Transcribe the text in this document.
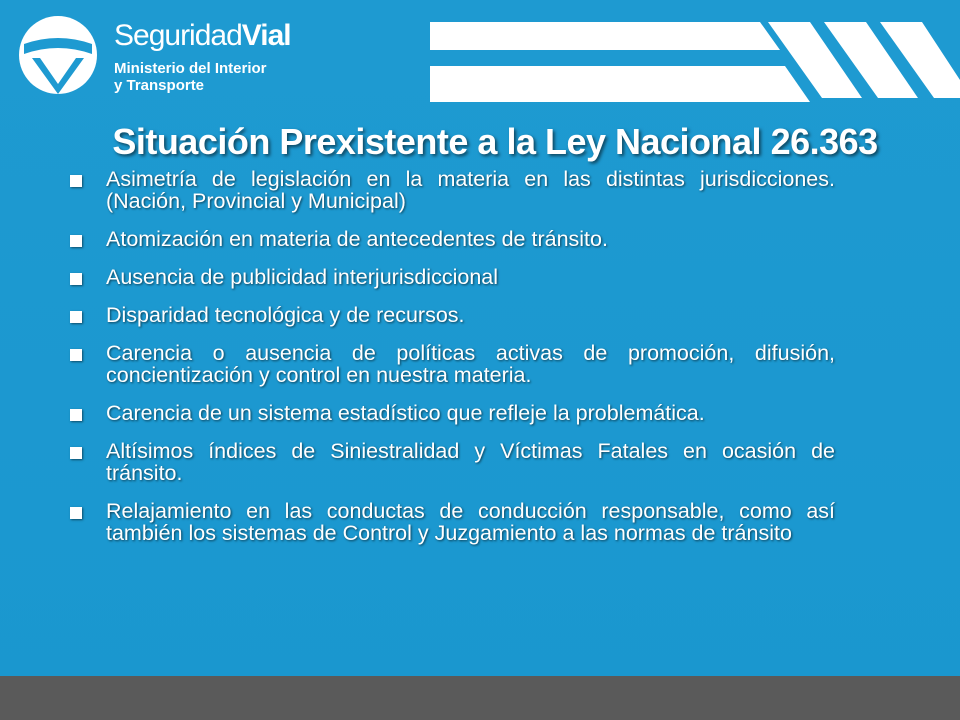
SeguridadVial
Ministerio del Interior
y Transporte
Situación Prexistente a la Ley Nacional 26.363
Asimetría de legislación en la materia en las distintas jurisdicciones. (Nación, Provincial y Municipal)
Atomización en materia de antecedentes de tránsito.
Ausencia de publicidad interjurisdiccional
Disparidad tecnológica y de recursos.
Carencia o ausencia de políticas activas de promoción, difusión, concientización y control en nuestra materia.
Carencia de un sistema estadístico que refleje la problemática.
Altísimos índices de Siniestralidad y Víctimas Fatales en ocasión de tránsito.
Relajamiento en las conductas de conducción responsable, como así también los sistemas de Control y Juzgamiento a las normas de tránsito
